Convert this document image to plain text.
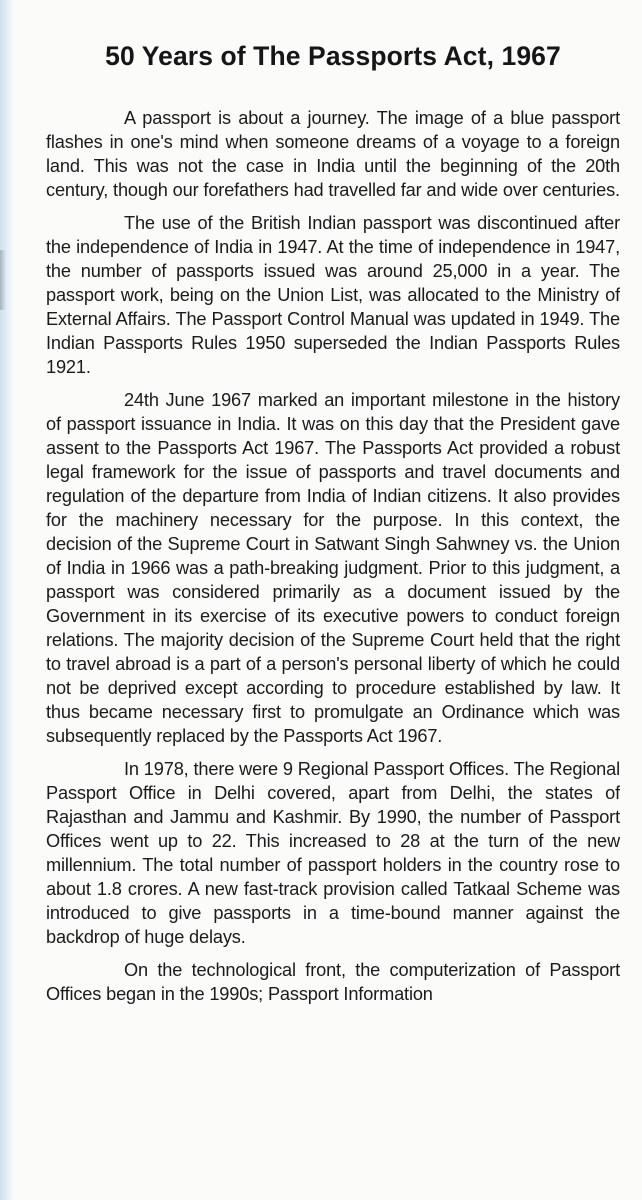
50 Years of The Passports Act, 1967

A passport is about a journey. The image of a blue passport flashes in one's mind when someone dreams of a voyage to a foreign land. This was not the case in India until the beginning of the 20th century, though our forefathers had travelled far and wide over centuries.

The use of the British Indian passport was discontinued after the independence of India in 1947. At the time of independence in 1947, the number of passports issued was around 25,000 in a year. The passport work, being on the Union List, was allocated to the Ministry of External Affairs. The Passport Control Manual was updated in 1949. The Indian Passports Rules 1950 superseded the Indian Passports Rules 1921.

24th June 1967 marked an important milestone in the history of passport issuance in India. It was on this day that the President gave assent to the Passports Act 1967. The Passports Act provided a robust legal framework for the issue of passports and travel documents and regulation of the departure from India of Indian citizens. It also provides for the machinery necessary for the purpose. In this context, the decision of the Supreme Court in Satwant Singh Sahwney vs. the Union of India in 1966 was a path-breaking judgment. Prior to this judgment, a passport was considered primarily as a document issued by the Government in its exercise of its executive powers to conduct foreign relations. The majority decision of the Supreme Court held that the right to travel abroad is a part of a person's personal liberty of which he could not be deprived except according to procedure established by law. It thus became necessary first to promulgate an Ordinance which was subsequently replaced by the Passports Act 1967.

In 1978, there were 9 Regional Passport Offices. The Regional Passport Office in Delhi covered, apart from Delhi, the states of Rajasthan and Jammu and Kashmir. By 1990, the number of Passport Offices went up to 22. This increased to 28 at the turn of the new millennium. The total number of passport holders in the country rose to about 1.8 crores. A new fast-track provision called Tatkaal Scheme was introduced to give passports in a time-bound manner against the backdrop of huge delays.

On the technological front, the computerization of Passport Offices began in the 1990s; Passport Information
